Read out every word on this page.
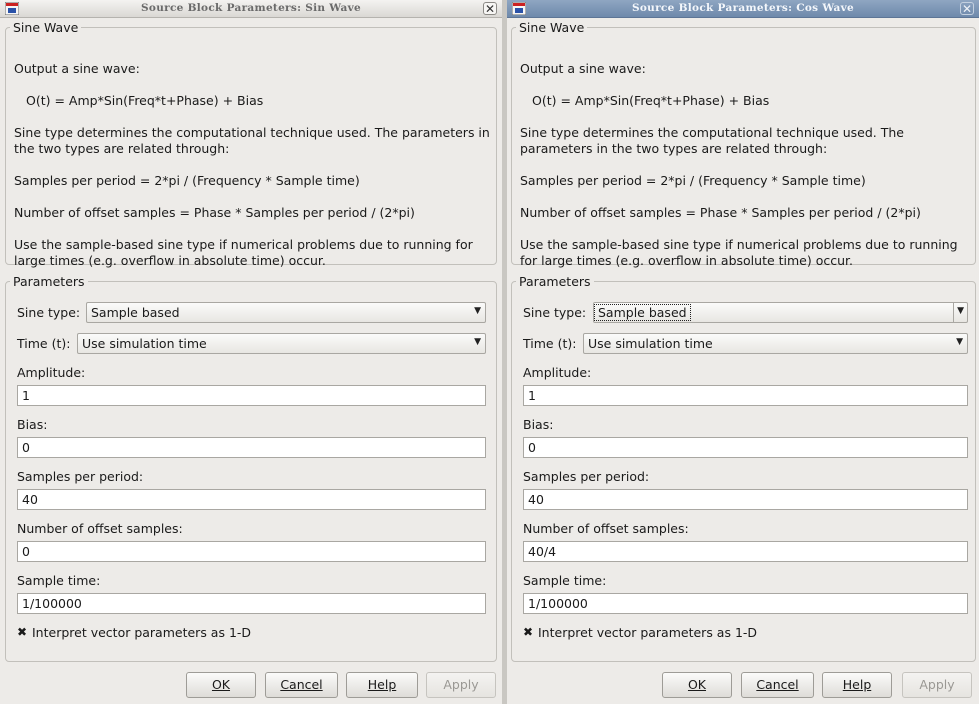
Source Block Parameters: Sin Wave	✕
Sine Wave

Output a sine wave:

O(t) = Amp*Sin(Freq*t+Phase) + Bias

Sine type determines the computational technique used. The parameters in the two types are related through:

Samples per period = 2*pi / (Frequency * Sample time)

Number of offset samples = Phase * Samples per period / (2*pi)

Use the sample-based sine type if numerical problems due to running for large times (e.g. overflow in absolute time) occur.

Parameters
Sine type: Sample based	▼
Time (t): Use simulation time	▼
Amplitude:
1
Bias:
0
Samples per period:
40
Number of offset samples:
0
Sample time:
1/100000
✖ Interpret vector parameters as 1-D
OK	Cancel	Help	Apply
Source Block Parameters: Cos Wave	✕
Sine Wave

Output a sine wave:

O(t) = Amp*Sin(Freq*t+Phase) + Bias

Sine type determines the computational technique used. The parameters in the two types are related through:

Samples per period = 2*pi / (Frequency * Sample time)

Number of offset samples = Phase * Samples per period / (2*pi)

Use the sample-based sine type if numerical problems due to running for large times (e.g. overflow in absolute time) occur.

Parameters
Sine type: Sample based	▼
Time (t): Use simulation time	▼
Amplitude:
1
Bias:
0
Samples per period:
40
Number of offset samples:
40/4
Sample time:
1/100000
✖ Interpret vector parameters as 1-D
OK	Cancel	Help	Apply
